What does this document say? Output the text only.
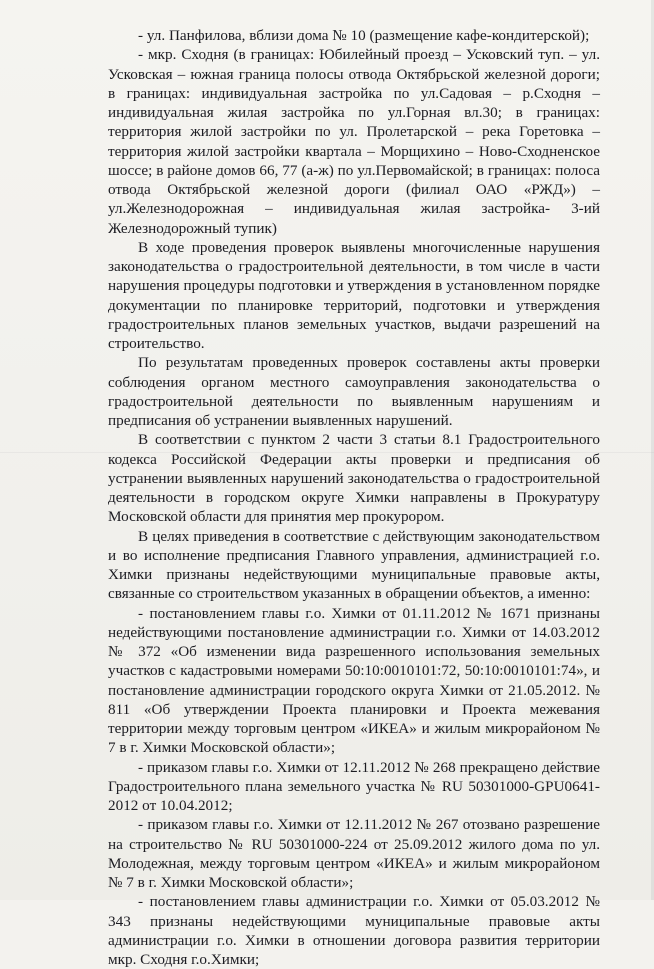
- ул. Панфилова, вблизи дома № 10 (размещение кафе-кондитерской);

- мкр. Сходня (в границах: Юбилейный проезд – Усковский туп. – ул. Усковская – южная граница полосы отвода Октябрьской железной дороги; в границах: индивидуальная застройка по ул.Садовая – р.Сходня – индивидуальная жилая застройка по ул.Горная вл.30; в границах: территория жилой застройки по ул. Пролетарской – река Горетовка – территория жилой застройки квартала – Морщихино – Ново-Сходненское шоссе; в районе домов 66, 77 (а-ж) по ул.Первомайской; в границах: полоса отвода Октябрьской железной дороги (филиал ОАО «РЖД») – ул.Железнодорожная – индивидуальная жилая застройка- 3-ий Железнодорожный тупик)

В ходе проведения проверок выявлены многочисленные нарушения законодательства о градостроительной деятельности, в том числе в части нарушения процедуры подготовки и утверждения в установленном порядке документации по планировке территорий, подготовки и утверждения градостроительных планов земельных участков, выдачи разрешений на строительство.

По результатам проведенных проверок составлены акты проверки соблюдения органом местного самоуправления законодательства о градостроительной деятельности по выявленным нарушениям и предписания об устранении выявленных нарушений.

В соответствии с пунктом 2 части 3 статьи 8.1 Градостроительного кодекса Российской Федерации акты проверки и предписания об устранении выявленных нарушений законодательства о градостроительной деятельности в городском округе Химки направлены в Прокуратуру Московской области для принятия мер прокурором.

В целях приведения в соответствие с действующим законодательством и во исполнение предписания Главного управления, администрацией г.о. Химки признаны недействующими муниципальные правовые акты, связанные со строительством указанных в обращении объектов, а именно:

- постановлением главы г.о. Химки от 01.11.2012 № 1671 признаны недействующими постановление администрации г.о. Химки от 14.03.2012 № 372 «Об изменении вида разрешенного использования земельных участков с кадастровыми номерами 50:10:0010101:72, 50:10:0010101:74», и постановление администрации городского округа Химки от 21.05.2012. № 811 «Об утверждении Проекта планировки и Проекта межевания территории между торговым центром «ИКЕА» и жилым микрорайоном № 7 в г. Химки Московской области»;

- приказом главы г.о. Химки от 12.11.2012 № 268 прекращено действие Градостроительного плана земельного участка № RU 50301000-GPU0641-2012 от 10.04.2012;

- приказом главы г.о. Химки от 12.11.2012 № 267 отозвано разрешение на строительство № RU 50301000-224 от 25.09.2012 жилого дома по ул. Молодежная, между торговым центром «ИКЕА» и жилым микрорайоном № 7 в г. Химки Московской области»;

- постановлением главы администрации г.о. Химки от 05.03.2012 № 343 признаны недействующими муниципальные правовые акты администрации г.о. Химки в отношении договора развития территории мкр. Сходня г.о.Химки;
